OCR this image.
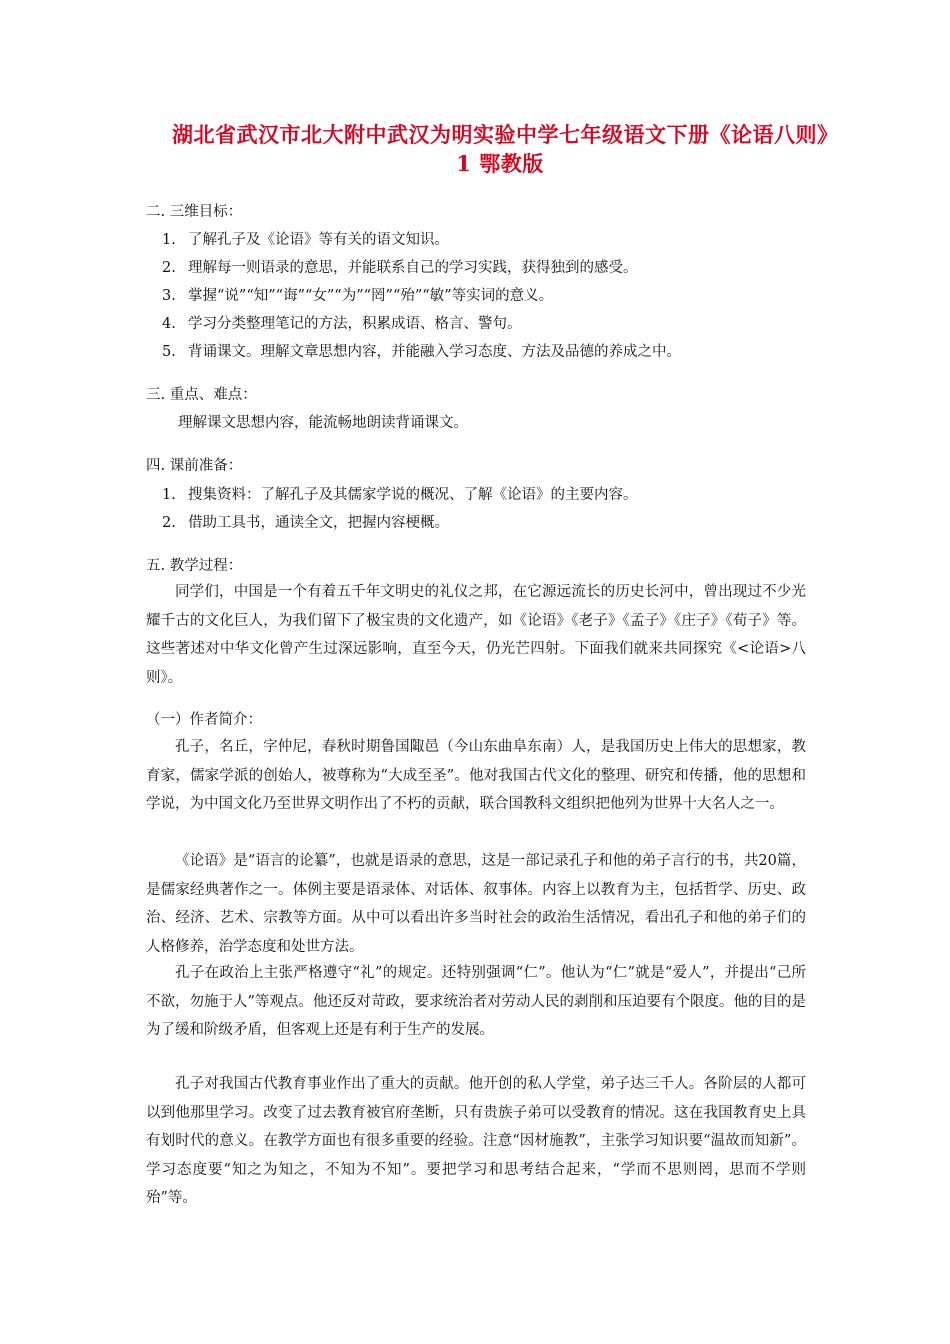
湖北省武汉市北大附中武汉为明实验中学七年级语文下册《论语八则》1 鄂教版
二. 三维目标：
1. 了解孔子及《论语》等有关的语文知识。
2. 理解每一则语录的意思，并能联系自己的学习实践，获得独到的感受。
3. 掌握“说”“知”“诲”“女”“为”“罔”“殆”“敏”等实词的意义。
4. 学习分类整理笔记的方法，积累成语、格言、警句。
5. 背诵课文。理解文章思想内容，并能融入学习态度、方法及品德的养成之中。
三. 重点、难点：
理解课文思想内容，能流畅地朗读背诵课文。
四. 课前准备：
1. 搜集资料：了解孔子及其儒家学说的概况、了解《论语》的主要内容。
2. 借助工具书，通读全文，把握内容梗概。
五. 教学过程：

同学们，中国是一个有着五千年文明史的礼仪之邦，在它源远流长的历史长河中，曾出现过不少光耀千古的文化巨人，为我们留下了极宝贵的文化遗产，如《论语》《老子》《孟子》《庄子》《荀子》等。这些著述对中华文化曾产生过深远影响，直至今天，仍光芒四射。下面我们就来共同探究《<论语>八则》。

（一）作者简介：

孔子，名丘，字仲尼，春秋时期鲁国陬邑（今山东曲阜东南）人，是我国历史上伟大的思想家，教育家，儒家学派的创始人，被尊称为“大成至圣”。他对我国古代文化的整理、研究和传播，他的思想和学说，为中国文化乃至世界文明作出了不朽的贡献，联合国教科文组织把他列为世界十大名人之一。

《论语》是“语言的论纂”，也就是语录的意思，这是一部记录孔子和他的弟子言行的书，共20篇，是儒家经典著作之一。体例主要是语录体、对话体、叙事体。内容上以教育为主，包括哲学、历史、政治、经济、艺术、宗教等方面。从中可以看出许多当时社会的政治生活情况，看出孔子和他的弟子们的人格修养，治学态度和处世方法。

孔子在政治上主张严格遵守“礼”的规定。还特别强调“仁”。他认为“仁”就是“爱人”，并提出“己所不欲，勿施于人”等观点。他还反对苛政，要求统治者对劳动人民的剥削和压迫要有个限度。他的目的是为了缓和阶级矛盾，但客观上还是有利于生产的发展。

孔子对我国古代教育事业作出了重大的贡献。他开创的私人学堂，弟子达三千人。各阶层的人都可以到他那里学习。改变了过去教育被官府垄断，只有贵族子弟可以受教育的情况。这在我国教育史上具有划时代的意义。在教学方面也有很多重要的经验。注意“因材施教”，主张学习知识要“温故而知新”。学习态度要“知之为知之，不知为不知”。要把学习和思考结合起来，“学而不思则罔，思而不学则殆”等。
